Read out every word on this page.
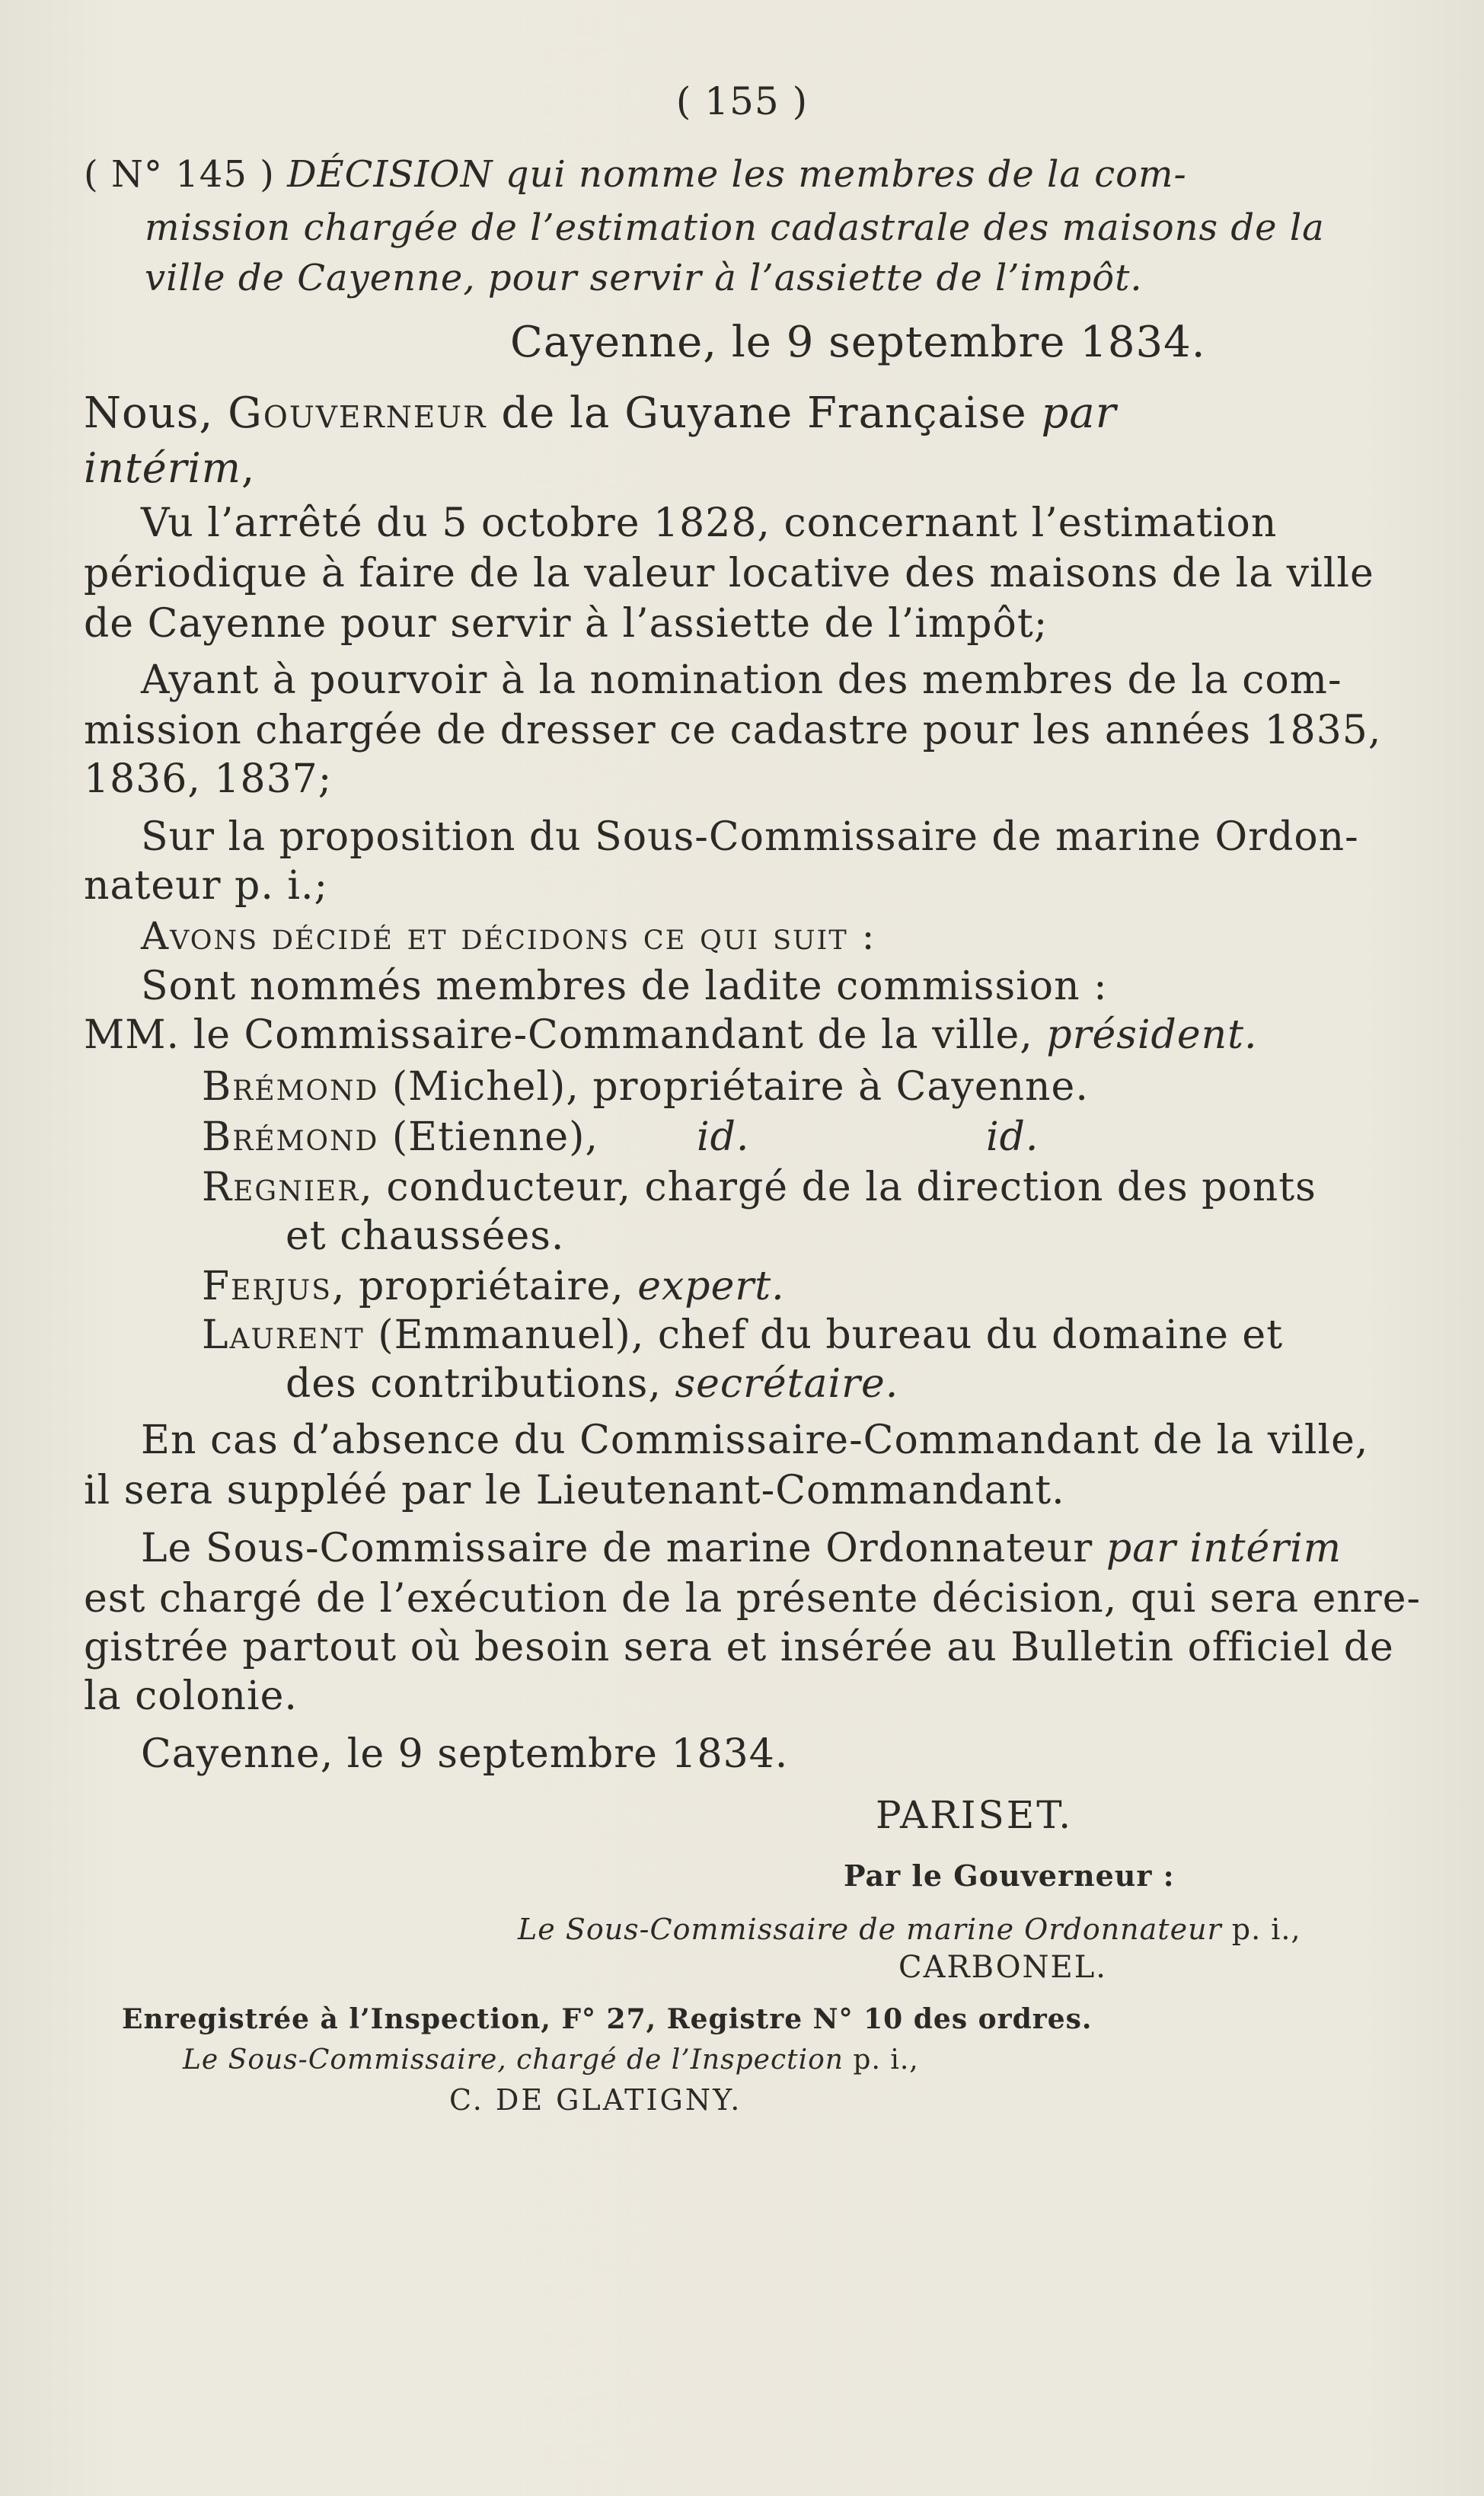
( 155 )
( N° 145 ) DÉCISION qui nomme les membres de la com-
mission chargée de l’estimation cadastrale des maisons de la
ville de Cayenne, pour servir à l’assiette de l’impôt.
Cayenne, le 9 septembre 1834.
Nous, Gouverneur de la Guyane Française par
intérim,
Vu l’arrêté du 5 octobre 1828, concernant l’estimation
périodique à faire de la valeur locative des maisons de la ville
de Cayenne pour servir à l’assiette de l’impôt;
Ayant à pourvoir à la nomination des membres de la com-
mission chargée de dresser ce cadastre pour les années 1835,
1836, 1837;
Sur la proposition du Sous-Commissaire de marine Ordon-
nateur p. i.;
Avons décidé et décidons ce qui suit :
Sont nommés membres de ladite commission :
MM. le Commissaire-Commandant de la ville, président.
Brémond (Michel), propriétaire à Cayenne.
Brémond (Etienne),	id.	id.
Regnier, conducteur, chargé de la direction des ponts
et chaussées.
Ferjus, propriétaire, expert.
Laurent (Emmanuel), chef du bureau du domaine et
des contributions, secrétaire.
En cas d’absence du Commissaire-Commandant de la ville,
il sera suppléé par le Lieutenant-Commandant.
Le Sous-Commissaire de marine Ordonnateur par intérim
est chargé de l’exécution de la présente décision, qui sera enre-
gistrée partout où besoin sera et insérée au Bulletin officiel de
la colonie.
Cayenne, le 9 septembre 1834.
PARISET.
Par le Gouverneur :
Le Sous-Commissaire de marine Ordonnateur p. i.,
CARBONEL.
Enregistrée à l’Inspection, F° 27, Registre N° 10 des ordres.
Le Sous-Commissaire, chargé de l’Inspection p. i.,
C. DE GLATIGNY.
